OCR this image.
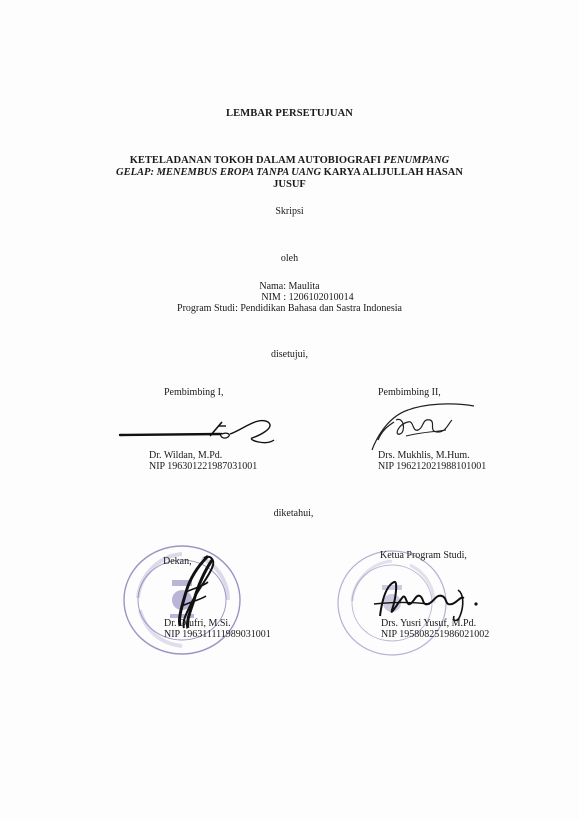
LEMBAR PERSETUJUAN
KETELADANAN TOKOH DALAM AUTOBIOGRAFI PENUMPANG
GELAP: MENEMBUS EROPA TANPA UANG KARYA ALIJULLAH HASAN
JUSUF
Skripsi
oleh
Nama: Maulita
NIM : 1206102010014
Program Studi: Pendidikan Bahasa dan Sastra Indonesia
disetujui,
Pembimbing I,
Dr. Wildan, M.Pd.
NIP 196301221987031001
Pembimbing II,
Drs. Mukhlis, M.Hum.
NIP 196212021988101001
diketahui,
Dekan,
Dr. Djufri, M.Si.
NIP 196311111989031001
Ketua Program Studi,
Drs. Yusri Yusuf, M.Pd.
NIP 195808251986021002
